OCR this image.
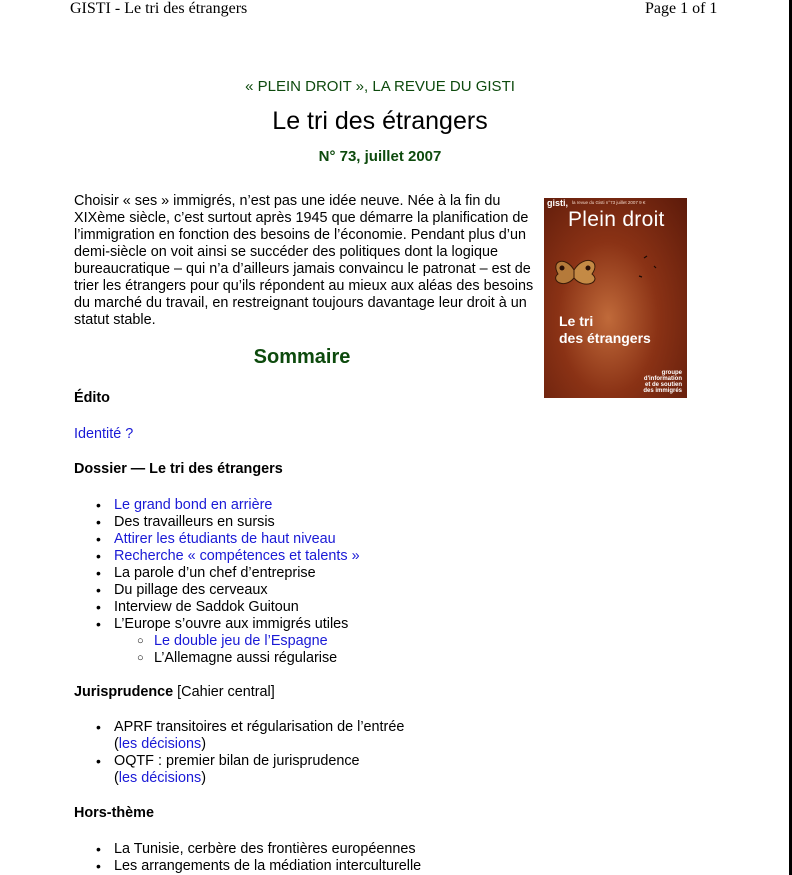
GISTI - Le tri des étrangers	Page 1 of 1
« PLEIN DROIT », LA REVUE DU GISTI
Le tri des étrangers
N° 73, juillet 2007
Choisir « ses » immigrés, n’est pas une idée neuve. Née à la fin du XIXème siècle, c’est surtout après 1945 que démarre la planification de l’immigration en fonction des besoins de l’économie. Pendant plus d’un demi-siècle on voit ainsi se succéder des politiques dont la logique bureaucratique – qui n’a d’ailleurs jamais convaincu le patronat – est de trier les étrangers pour qu’ils répondent au mieux aux aléas des besoins du marché du travail, en restreignant toujours davantage leur droit à un statut stable.
gisti, la revue du Gisti n°73 juillet 2007 9 €
Plein droit
Le tri
des étrangers
groupe
d'information
et de soutien
des immigrés
Sommaire
Édito
Identité ?
Dossier — Le tri des étrangers
• Le grand bond en arrière
• Des travailleurs en sursis
• Attirer les étudiants de haut niveau
• Recherche « compétences et talents »
• La parole d’un chef d’entreprise
• Du pillage des cerveaux
• Interview de Saddok Guitoun
• L’Europe s’ouvre aux immigrés utiles
○ Le double jeu de l’Espagne
○ L’Allemagne aussi régularise
Jurisprudence [Cahier central]
• APRF transitoires et régularisation de l’entrée
(les décisions)
• OQTF : premier bilan de jurisprudence
(les décisions)
Hors-thème
• La Tunisie, cerbère des frontières européennes
• Les arrangements de la médiation interculturelle
